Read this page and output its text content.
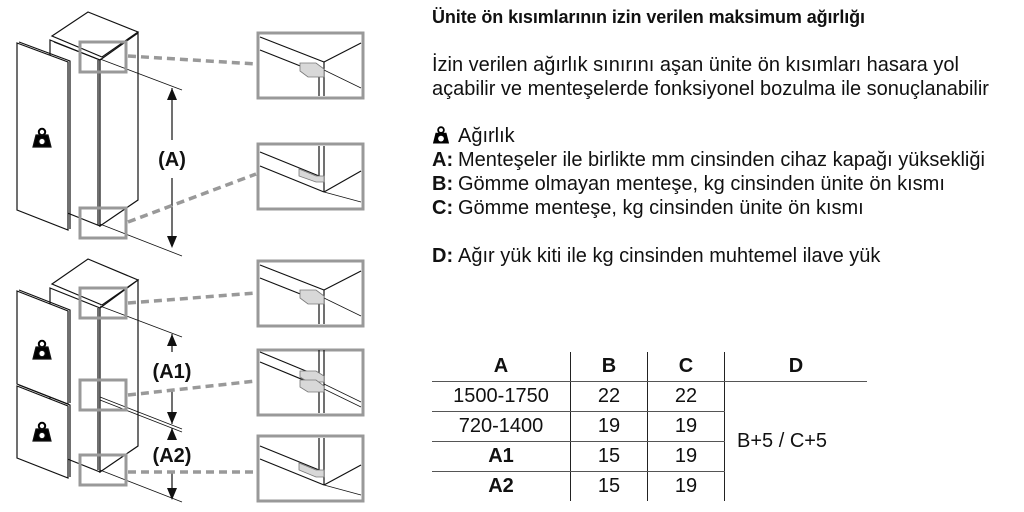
(A)
(A1)
(A2)
Ünite ön kısımlarının izin verilen maksimum ağırlığı
İzin verilen ağırlık sınırını aşan ünite ön kısımları hasara yol açabilir ve menteşelerde fonksiyonel bozulma ile sonuçlanabilir
Ağırlık
A: Menteşeler ile birlikte mm cinsinden cihaz kapağı yüksekliği
B: Gömme olmayan menteşe, kg cinsinden ünite ön kısmı
C: Gömme menteşe, kg cinsinden ünite ön kısmı
D: Ağır yük kiti ile kg cinsinden muhtemel ilave yük
A	B	C	D
1500-1750	22	22	B+5 / C+5
720-1400	19	19	
A1	15	19	
A2	15	19	
